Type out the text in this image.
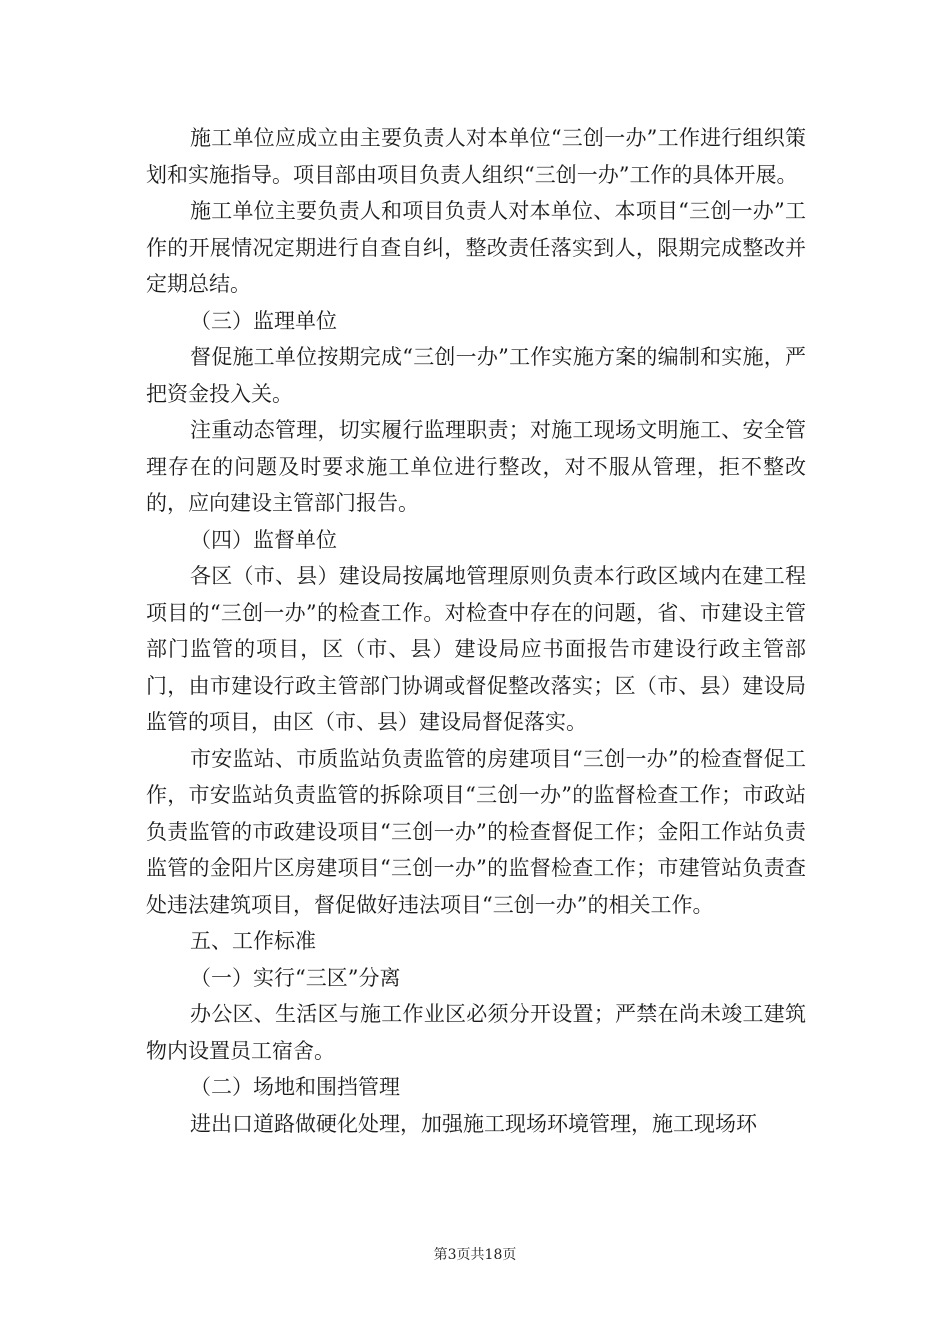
施工单位应成立由主要负责人对本单位“三创一办”工作进行组织策划和实施指导。项目部由项目负责人组织“三创一办”工作的具体开展。

施工单位主要负责人和项目负责人对本单位、本项目“三创一办”工作的开展情况定期进行自查自纠，整改责任落实到人，限期完成整改并定期总结。

（三）监理单位

督促施工单位按期完成“三创一办”工作实施方案的编制和实施，严把资金投入关。

注重动态管理，切实履行监理职责；对施工现场文明施工、安全管理存在的问题及时要求施工单位进行整改，对不服从管理，拒不整改的，应向建设主管部门报告。

（四）监督单位

各区（市、县）建设局按属地管理原则负责本行政区域内在建工程项目的“三创一办”的检查工作。对检查中存在的问题，省、市建设主管部门监管的项目，区（市、县）建设局应书面报告市建设行政主管部门，由市建设行政主管部门协调或督促整改落实；区（市、县）建设局监管的项目，由区（市、县）建设局督促落实。

市安监站、市质监站负责监管的房建项目“三创一办”的检查督促工作，市安监站负责监管的拆除项目“三创一办”的监督检查工作；市政站负责监管的市政建设项目“三创一办”的检查督促工作；金阳工作站负责监管的金阳片区房建项目“三创一办”的监督检查工作；市建管站负责查处违法建筑项目，督促做好违法项目“三创一办”的相关工作。

五、工作标准

（一）实行“三区”分离

办公区、生活区与施工作业区必须分开设置；严禁在尚未竣工建筑物内设置员工宿舍。

（二）场地和围挡管理

进出口道路做硬化处理，加强施工现场环境管理，施工现场环

第3页共18页
